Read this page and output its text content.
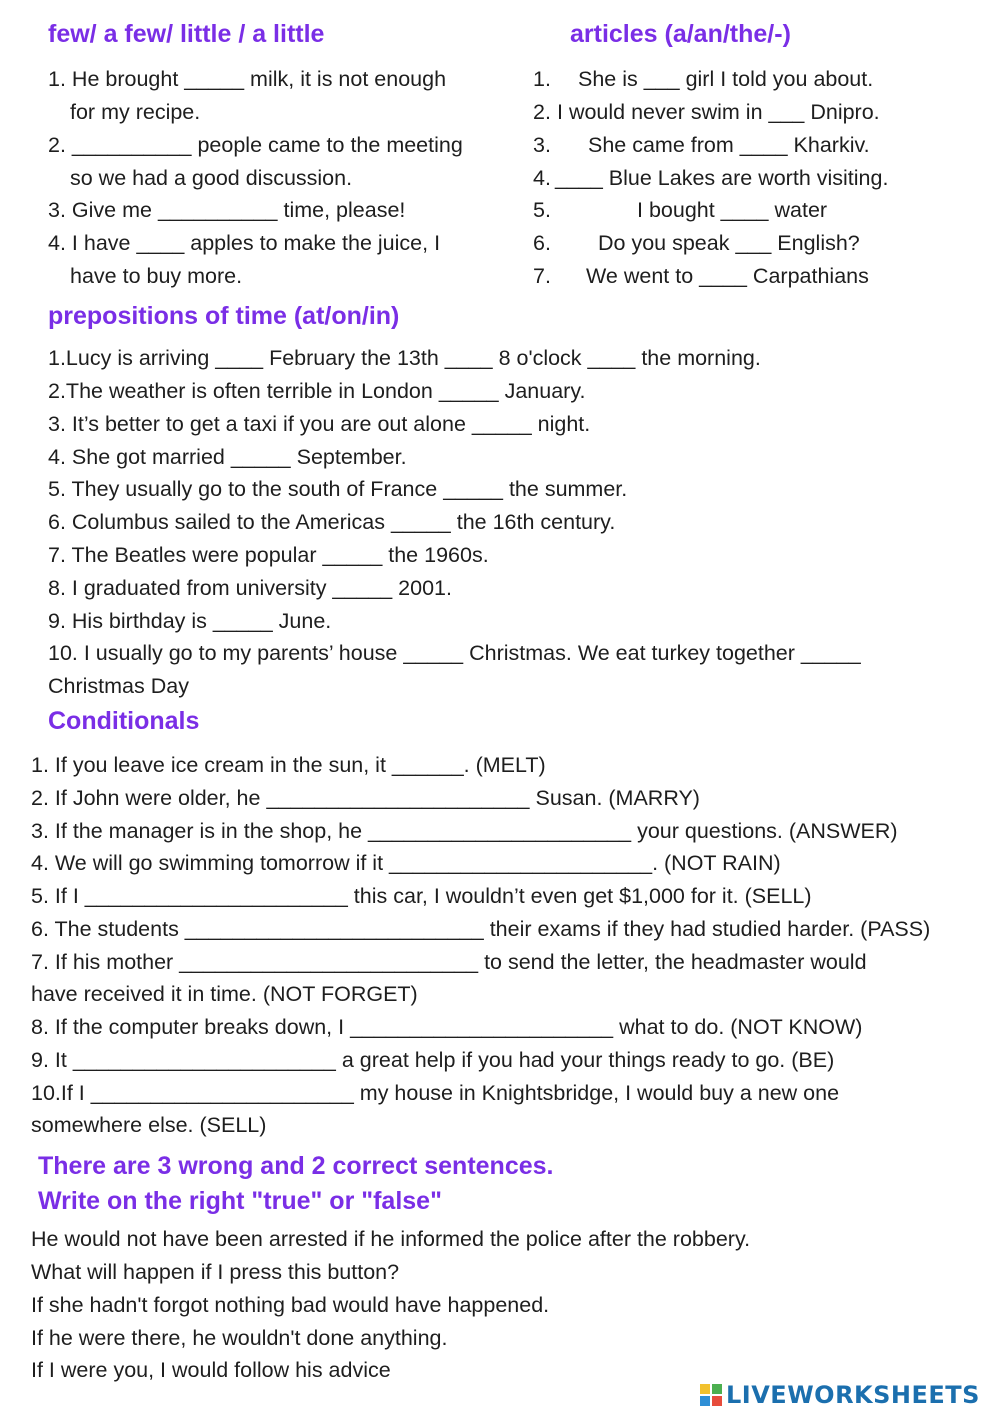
few/ a few/ little / a little
1. He brought _____ milk, it is not enough
for my recipe.
2. __________ people came to the meeting
so we had a good discussion.
3. Give me __________ time, please!
4. I have ____ apples to make the juice, I
have to buy more.
articles (a/an/the/-)
1. She is ___ girl I told you about.
2. I would never swim in ___ Dnipro.
3. She came from ____ Kharkiv.
4. ____ Blue Lakes are worth visiting.
5.	I bought ____ water
6. Do you speak ___ English?
7. We went to ____ Carpathians
prepositions of time (at/on/in)
1.Lucy is arriving ____ February the 13th ____ 8 o'clock ____ the morning.
2.The weather is often terrible in London _____ January.
3. It’s better to get a taxi if you are out alone _____ night.
4. She got married _____ September.
5. They usually go to the south of France _____ the summer.
6. Columbus sailed to the Americas _____ the 16th century.
7. The Beatles were popular _____ the 1960s.
8. I graduated from university _____ 2001.
9. His birthday is _____ June.
10. I usually go to my parents’ house _____ Christmas. We eat turkey together _____
Christmas Day
Conditionals
1. If you leave ice cream in the sun, it ______. (MELT)
2. If John were older, he ______________________ Susan. (MARRY)
3. If the manager is in the shop, he ______________________ your questions. (ANSWER)
4. We will go swimming tomorrow if it ______________________. (NOT RAIN)
5. If I ______________________ this car, I wouldn’t even get $1,000 for it. (SELL)
6. The students _________________________ their exams if they had studied harder. (PASS)
7. If his mother _________________________ to send the letter, the headmaster would
have received it in time. (NOT FORGET)
8. If the computer breaks down, I ______________________ what to do. (NOT KNOW)
9. It ______________________ a great help if you had your things ready to go. (BE)
10.If I ______________________ my house in Knightsbridge, I would buy a new one
somewhere else. (SELL)
There are 3 wrong and 2 correct sentences.
Write on the right "true" or "false"
He would not have been arrested if he informed the police after the robbery.
What will happen if I press this button?
If she hadn't forgot nothing bad would have happened.
If he were there, he wouldn't done anything.
If I were you, I would follow his advice
LIVEWORKSHEETS
